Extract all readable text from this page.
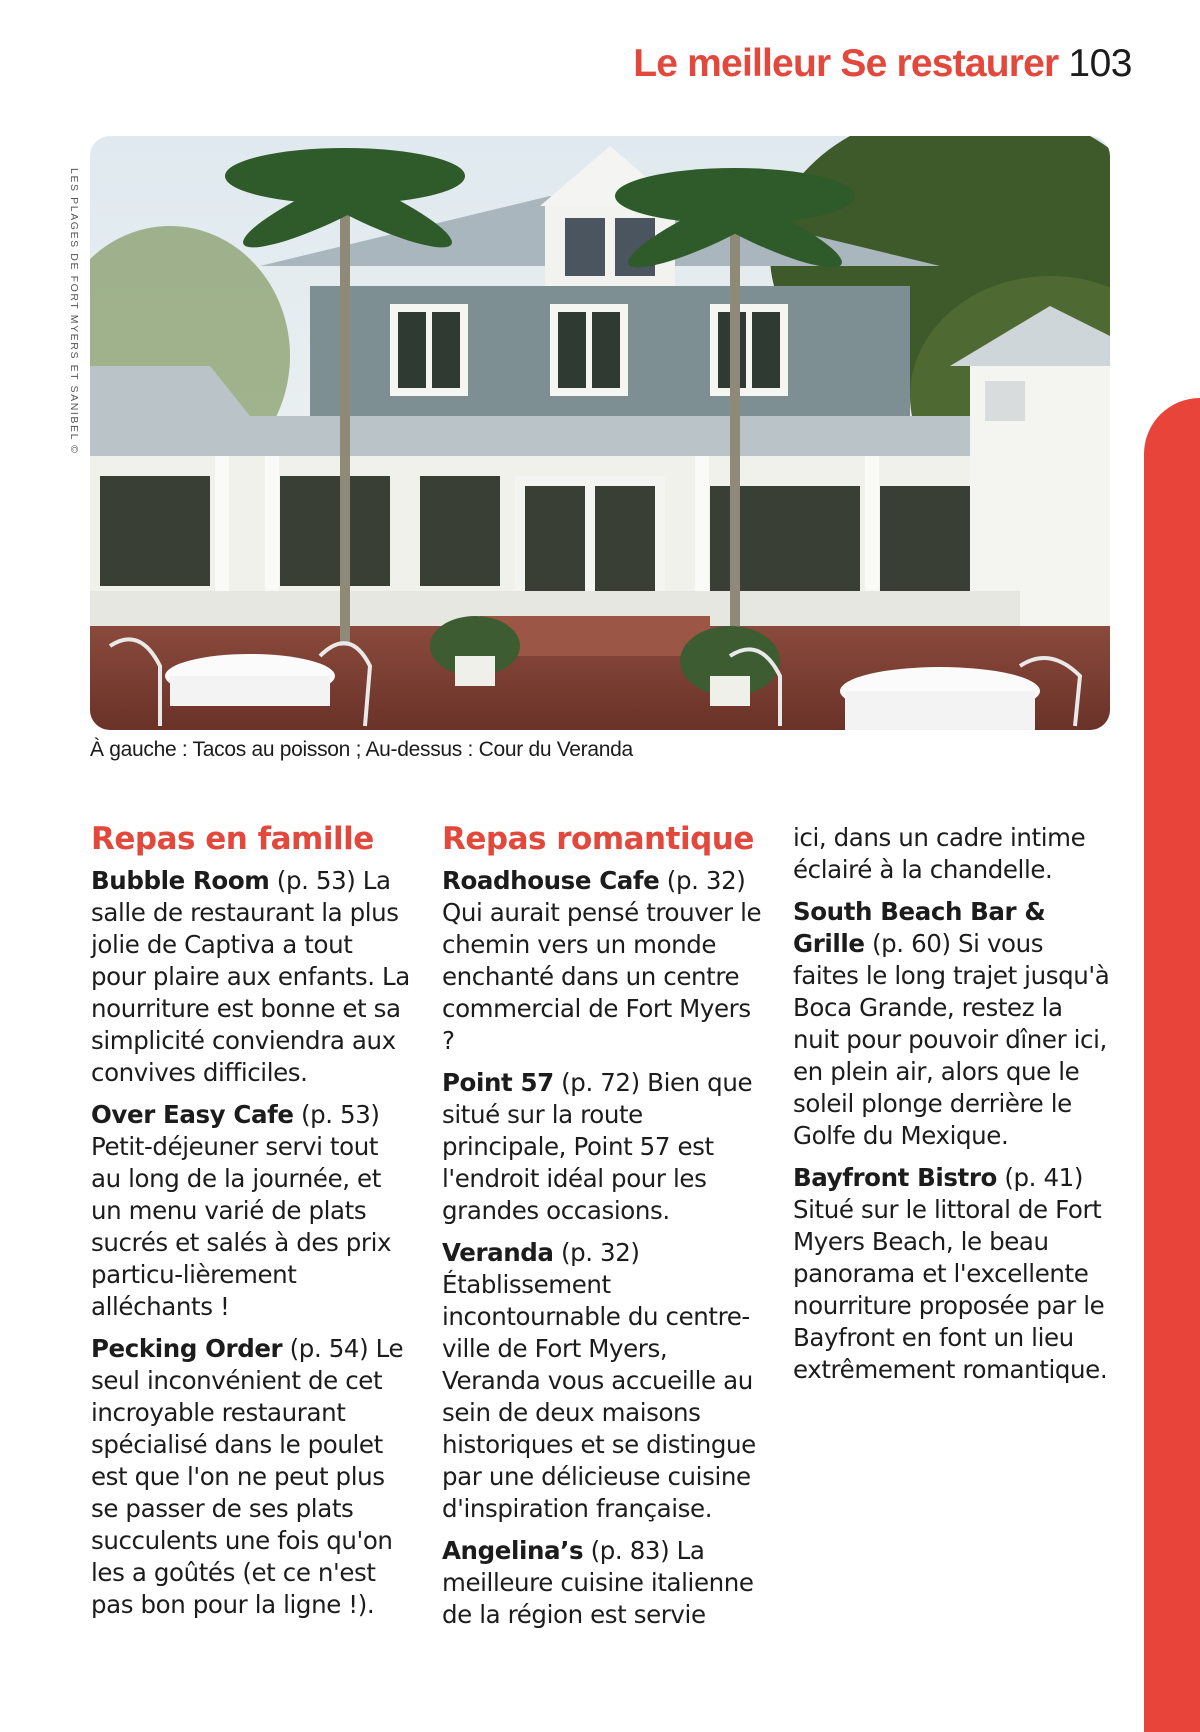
Le meilleur Se restaurer 103
LES PLAGES DE FORT MYERS ET SANIBEL ©
À gauche : Tacos au poisson ; Au-dessus : Cour du Veranda
Repas en famille

Bubble Room (p. 53) La salle de restaurant la plus jolie de Captiva a tout pour plaire aux enfants. La nourriture est bonne et sa simplicité conviendra aux convives difficiles.

Over Easy Cafe (p. 53) Petit-déjeuner servi tout au long de la journée, et un menu varié de plats sucrés et salés à des prix particu-lièrement alléchants !

Pecking Order (p. 54) Le seul inconvénient de cet incroyable restaurant spécialisé dans le poulet est que l'on ne peut plus se passer de ses plats succulents une fois qu'on les a goûtés (et ce n'est pas bon pour la ligne !).

Repas romantique

Roadhouse Cafe (p. 32) Qui aurait pensé trouver le chemin vers un monde enchanté dans un centre commercial de Fort Myers ?

Point 57 (p. 72) Bien que situé sur la route principale, Point 57 est l'endroit idéal pour les grandes occasions.

Veranda (p. 32) Établissement incontournable du centre-ville de Fort Myers, Veranda vous accueille au sein de deux maisons historiques et se distingue par une délicieuse cuisine d'inspiration française.

Angelina’s (p. 83) La meilleure cuisine italienne de la région est servie

ici, dans un cadre intime éclairé à la chandelle.

South Beach Bar & Grille (p. 60) Si vous faites le long trajet jusqu'à Boca Grande, restez la nuit pour pouvoir dîner ici, en plein air, alors que le soleil plonge derrière le Golfe du Mexique.

Bayfront Bistro (p. 41) Situé sur le littoral de Fort Myers Beach, le beau panorama et l'excellente nourriture proposée par le Bayfront en font un lieu extrêmement romantique.
